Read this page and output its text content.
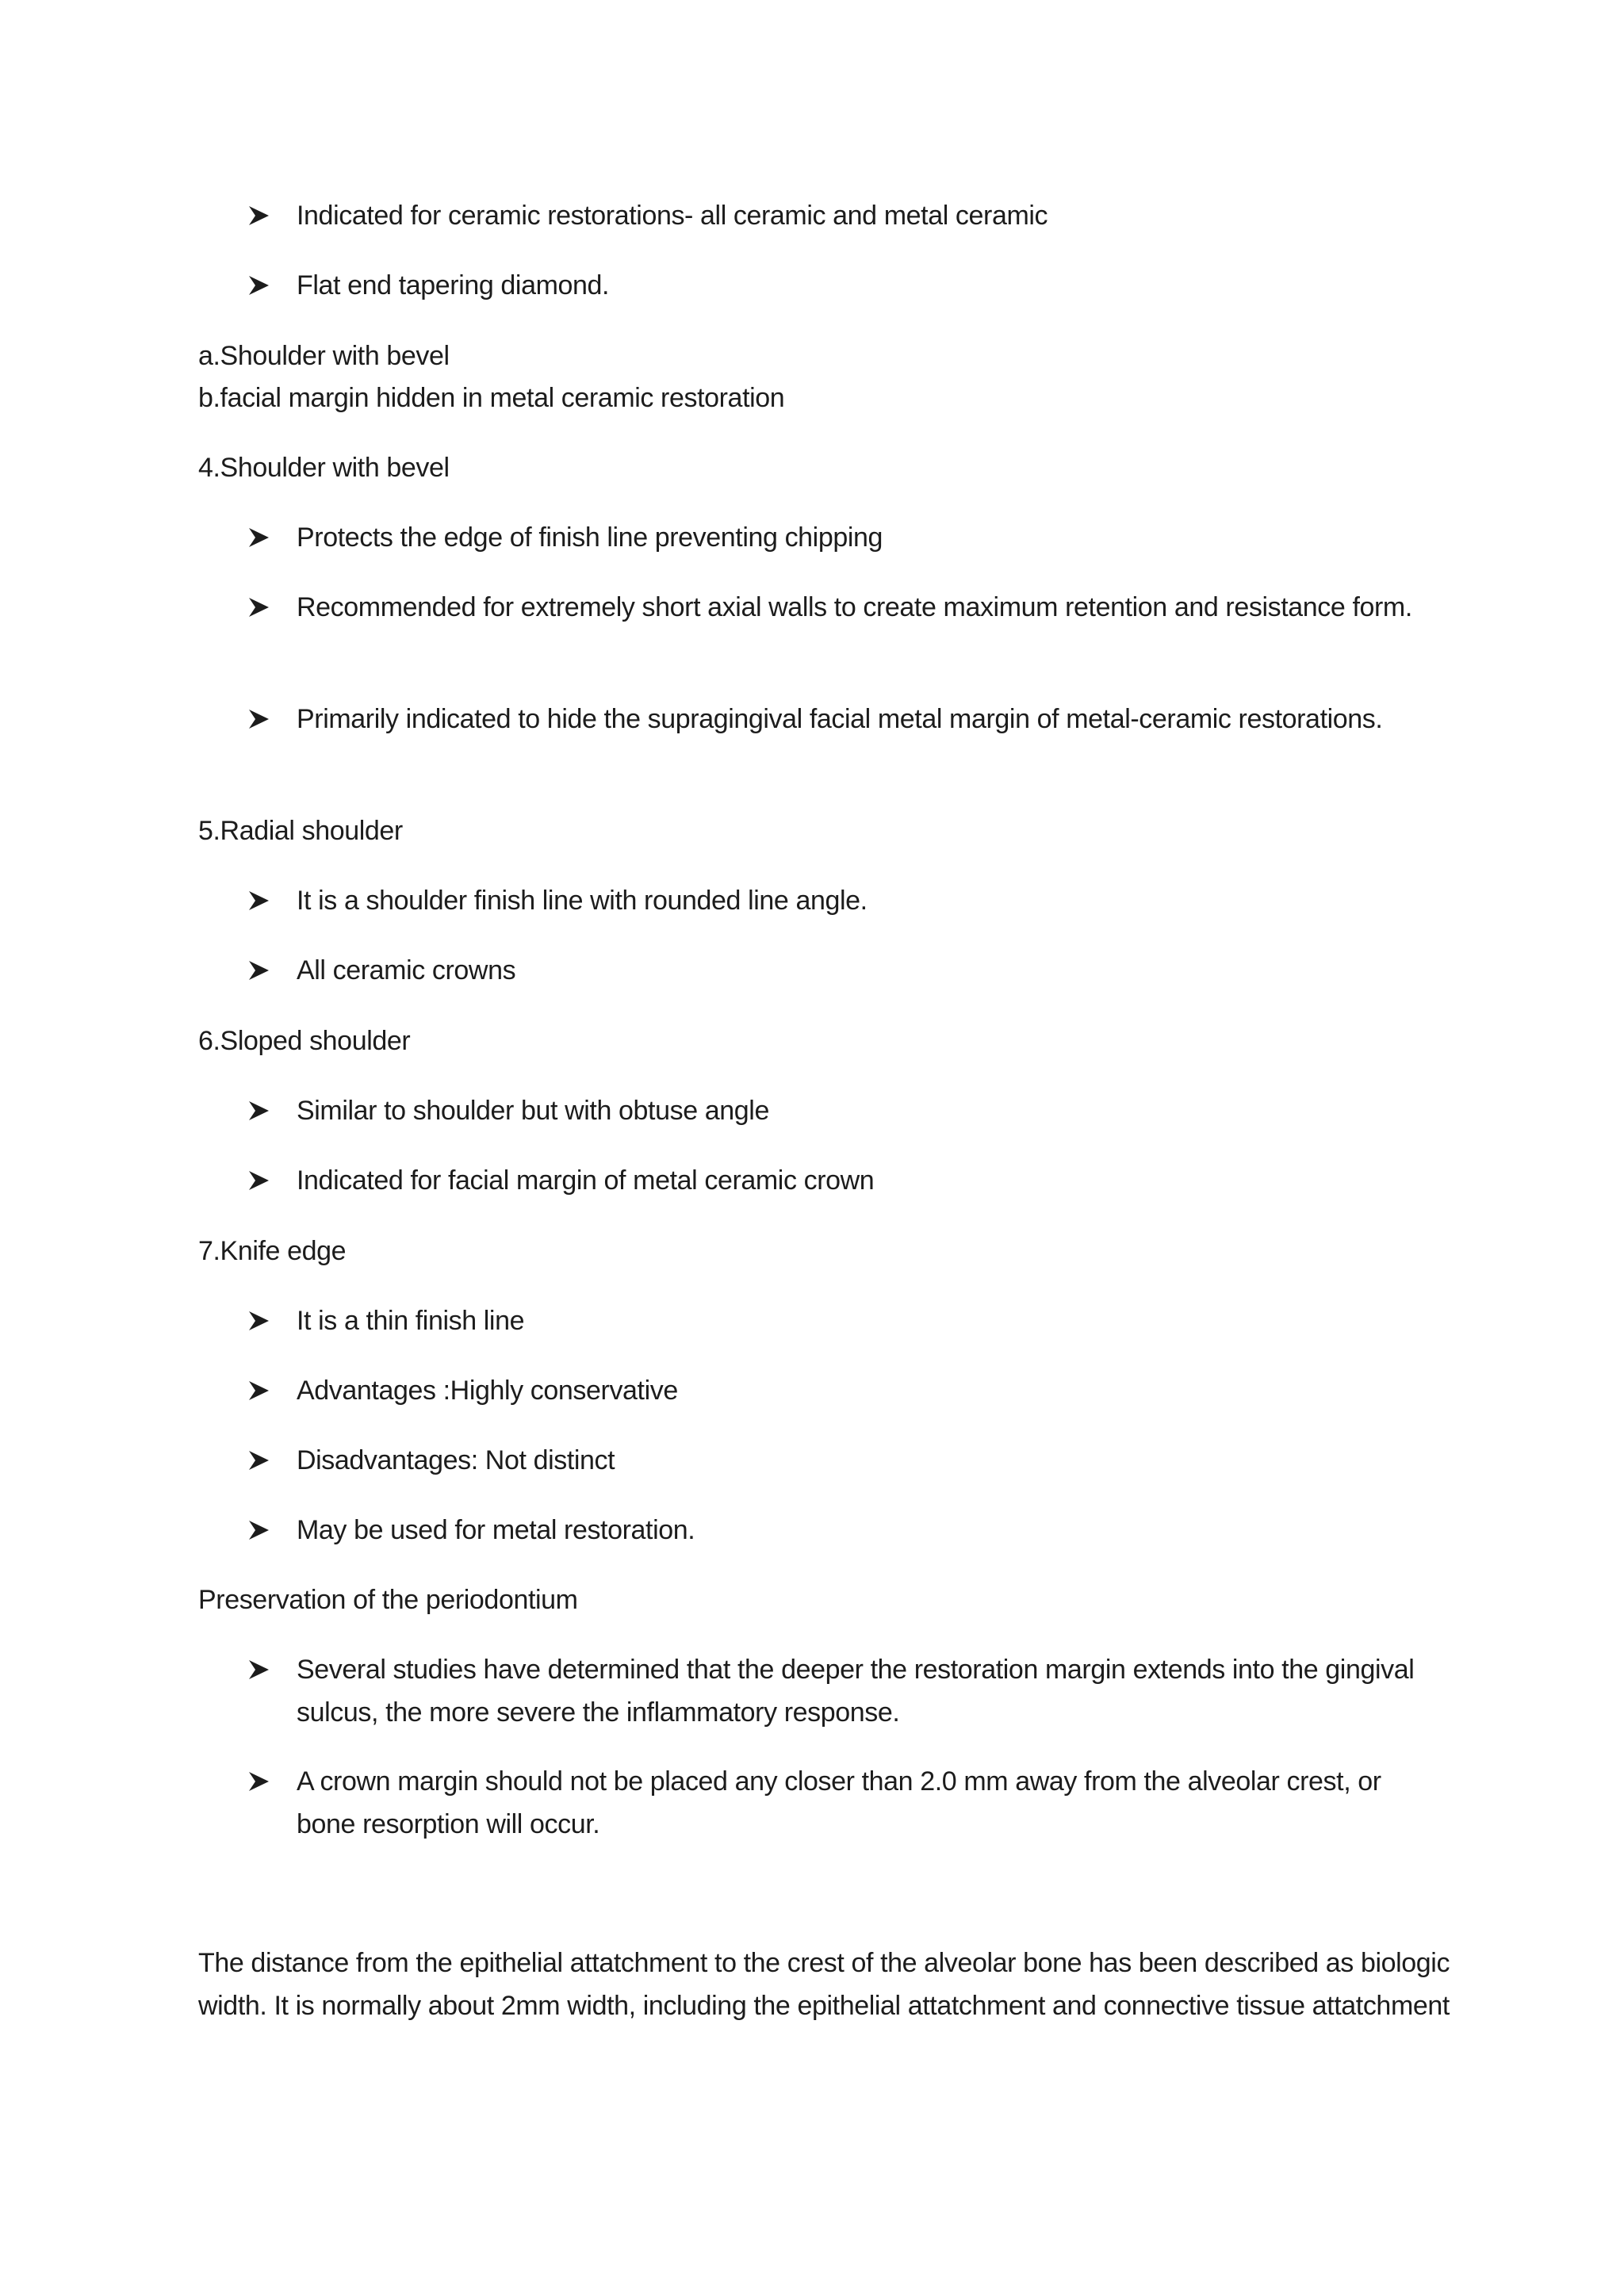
Indicated for ceramic restorations- all ceramic and metal ceramic
Flat end tapering diamond.

a.Shoulder with bevel

b.facial margin hidden in metal ceramic restoration

4.Shoulder with bevel

Protects the edge of finish line preventing chipping
Recommended for extremely short axial walls to create maximum retention and resistance form.
Primarily indicated to hide the supragingival facial metal margin of metal-ceramic restorations.

5.Radial shoulder

It is a shoulder finish line with rounded line angle.
All ceramic crowns

6.Sloped shoulder

Similar to shoulder but with obtuse angle
Indicated for facial margin of metal ceramic crown

7.Knife edge

It is a thin finish line
Advantages :Highly conservative
Disadvantages: Not distinct
May be used for metal restoration.

Preservation of the periodontium

Several studies have determined that the deeper the restoration margin extends into the gingival sulcus, the more severe the inflammatory response.
A crown margin should not be placed any closer than 2.0 mm away from the alveolar crest, or bone resorption will occur.

The distance from the epithelial attatchment to the crest of the alveolar bone has been described as biologic width. It is normally about 2mm width, including the epithelial attatchment and connective tissue attatchment
